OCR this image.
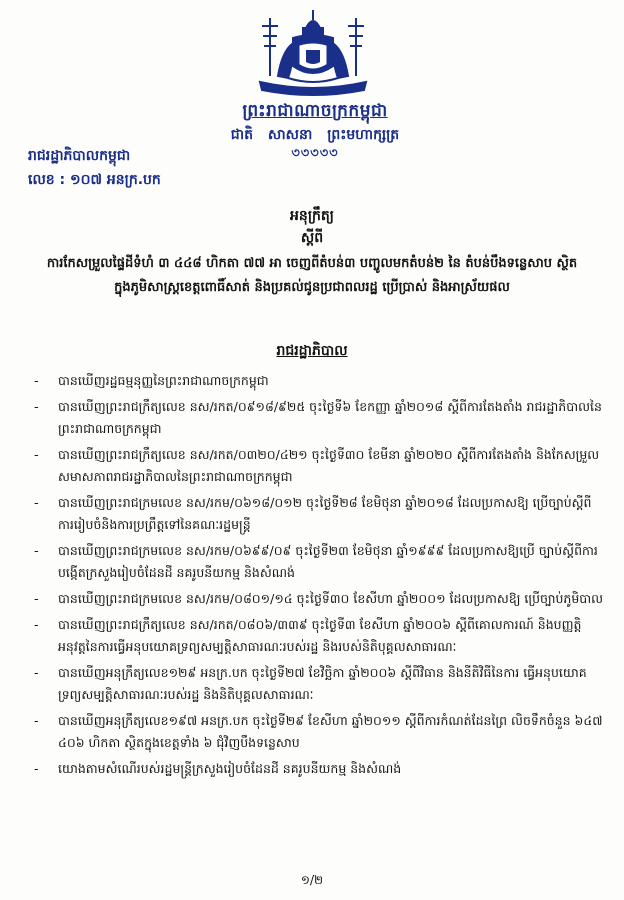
ព្រះរាជាណាចក្រកម្ពុជា
ជាតិ សាសនា ព្រះមហាក្សត្រ
৩৩৩৩৩
រាជរដ្ឋាភិបាលកម្ពុជា
លេខ : ១០៧ អនក្រ.បក
អនុក្រឹត្យ
ស្ដីពី
ការកែសម្រួលផ្ទៃដីទំហំ ៣ ៤៤៨ ហិកតា ៧៧ អា ចេញពីតំបន់៣ បញ្ចូលមកតំបន់២ នៃ តំបន់បឹងទន្លេសាប ស្ថិតក្នុងភូមិសាស្ត្រខេត្តពោធិ៍សាត់ និងប្រគល់ជូនប្រជាពលរដ្ឋ ប្រើប្រាស់ និងអាស្រ័យផល
រាជរដ្ឋាភិបាល
- បានឃើញរដ្ឋធម្មនុញ្ញនៃព្រះរាជាណាចក្រកម្ពុជា
- បានឃើញព្រះរាជក្រឹត្យលេខ នស/រកត/០៩១៨/៩២៥ ចុះថ្ងៃទី៦ ខែកញ្ញា ឆ្នាំ២០១៨ ស្ដីពីការតែងតាំង រាជរដ្ឋាភិបាលនៃព្រះរាជាណាចក្រកម្ពុជា
- បានឃើញព្រះរាជក្រឹត្យលេខ នស/រកត/០៣២០/៤២១ ចុះថ្ងៃទី៣០ ខែមីនា ឆ្នាំ២០២០ ស្ដីពីការតែងតាំង និងកែសម្រួលសមាសភាពរាជរដ្ឋាភិបាលនៃព្រះរាជាណាចក្រកម្ពុជា
- បានឃើញព្រះរាជក្រមលេខ នស/រកម/០៦១៨/០១២ ចុះថ្ងៃទី២៨ ខែមិថុនា ឆ្នាំ២០១៨ ដែលប្រកាសឱ្យ ប្រើច្បាប់ស្ដីពីការរៀបចំនិងការប្រព្រឹត្តទៅនៃគណៈរដ្ឋមន្ត្រី
- បានឃើញព្រះរាជក្រមលេខ នស/រកម/០៦៩៩/០៩ ចុះថ្ងៃទី២៣ ខែមិថុនា ឆ្នាំ១៩៩៩ ដែលប្រកាសឱ្យប្រើ ច្បាប់ស្ដីពីការបង្កើតក្រសួងរៀបចំដែនដី នគរូបនីយកម្ម និងសំណង់
- បានឃើញព្រះរាជក្រមលេខ នស/រកម/០៨០១/១៤ ចុះថ្ងៃទី៣០ ខែសីហា ឆ្នាំ២០០១ ដែលប្រកាសឱ្យ ប្រើច្បាប់ភូមិបាល
- បានឃើញព្រះរាជក្រឹត្យលេខ នស/រកត/០៨០៦/៣៣៩ ចុះថ្ងៃទី៣ ខែសីហា ឆ្នាំ២០០៦ ស្ដីពីគោលការណ៍ និងបញ្ញត្តិអនុវត្តនៃការធ្វើអនុបយោគទ្រព្យសម្បត្តិសាធារណៈរបស់រដ្ឋ និងរបស់និតិបុគ្គលសាធារណៈ
- បានឃើញអនុក្រឹត្យលេខ១២៩ អនក្រ.បក ចុះថ្ងៃទី២៧ ខែវិច្ឆិកា ឆ្នាំ២០០៦ ស្ដីពីវិធាន និងនីតិវិធីនៃការ ធ្វើអនុបយោគទ្រព្យសម្បត្តិសាធារណៈរបស់រដ្ឋ និងនិតិបុគ្គលសាធារណៈ
- បានឃើញអនុក្រឹត្យលេខ១៩៧ អនក្រ.បក ចុះថ្ងៃទី២៩ ខែសីហា ឆ្នាំ២០១១ ស្ដីពីការកំណត់ដែនព្រៃ លិចទឹកចំនួន ៦៤៧ ៤០៦ ហិកតា ស្ថិតក្នុងខេត្តទាំង ៦ ជុំវិញបឹងទន្លេសាប
- យោងតាមសំណើរបស់រដ្ឋមន្ត្រីក្រសួងរៀបចំដែនដី នគរូបនីយកម្ម និងសំណង់
១/២
